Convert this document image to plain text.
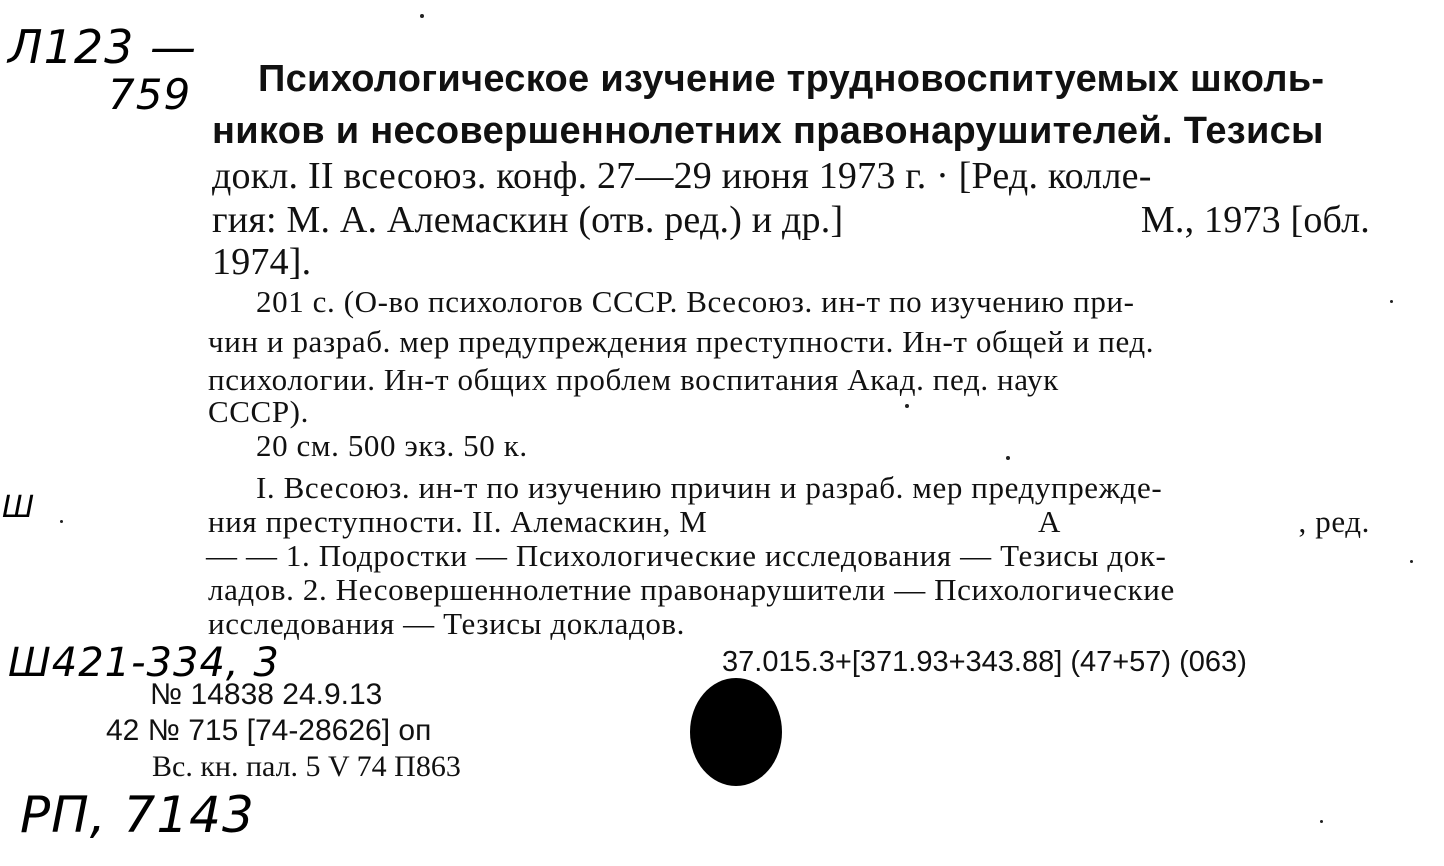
Л123 —
759
Ш
Ш421-334, 3
РП, 7143
Психологическое изучение трудновоспитуемых школь-
ников и несовершеннолетних правонарушителей. Тезисы
докл. II всесоюз. конф. 27—29 июня 1973 г. · [Ред. колле-
гия: М. А. Алемаскин (отв. ред.) и др.]	М., 1973 [обл.
1974].
201 с. (О-во психологов СССР. Всесоюз. ин-т по изучению при-
чин и разраб. мер предупреждения преступности. Ин-т общей и пед.
психологии. Ин-т общих проблем воспитания Акад. пед. наук
СССР).
20 см. 500 экз. 50 к.
I. Всесоюз. ин-т по изучению причин и разраб. мер предупрежде-
ния преступности. II. Алемаскин, М	А	, ред.
— — 1. Подростки — Психологические исследования — Тезисы док-
ладов. 2. Несовершеннолетние правонарушители — Психологические
исследования — Тезисы докладов.
37.015.3+[371.93+343.88] (47+57) (063)
№ 14838 24.9.13
42 № 715 [74-28626] оп
Вс. кн. пал. 5 V 74 П863
